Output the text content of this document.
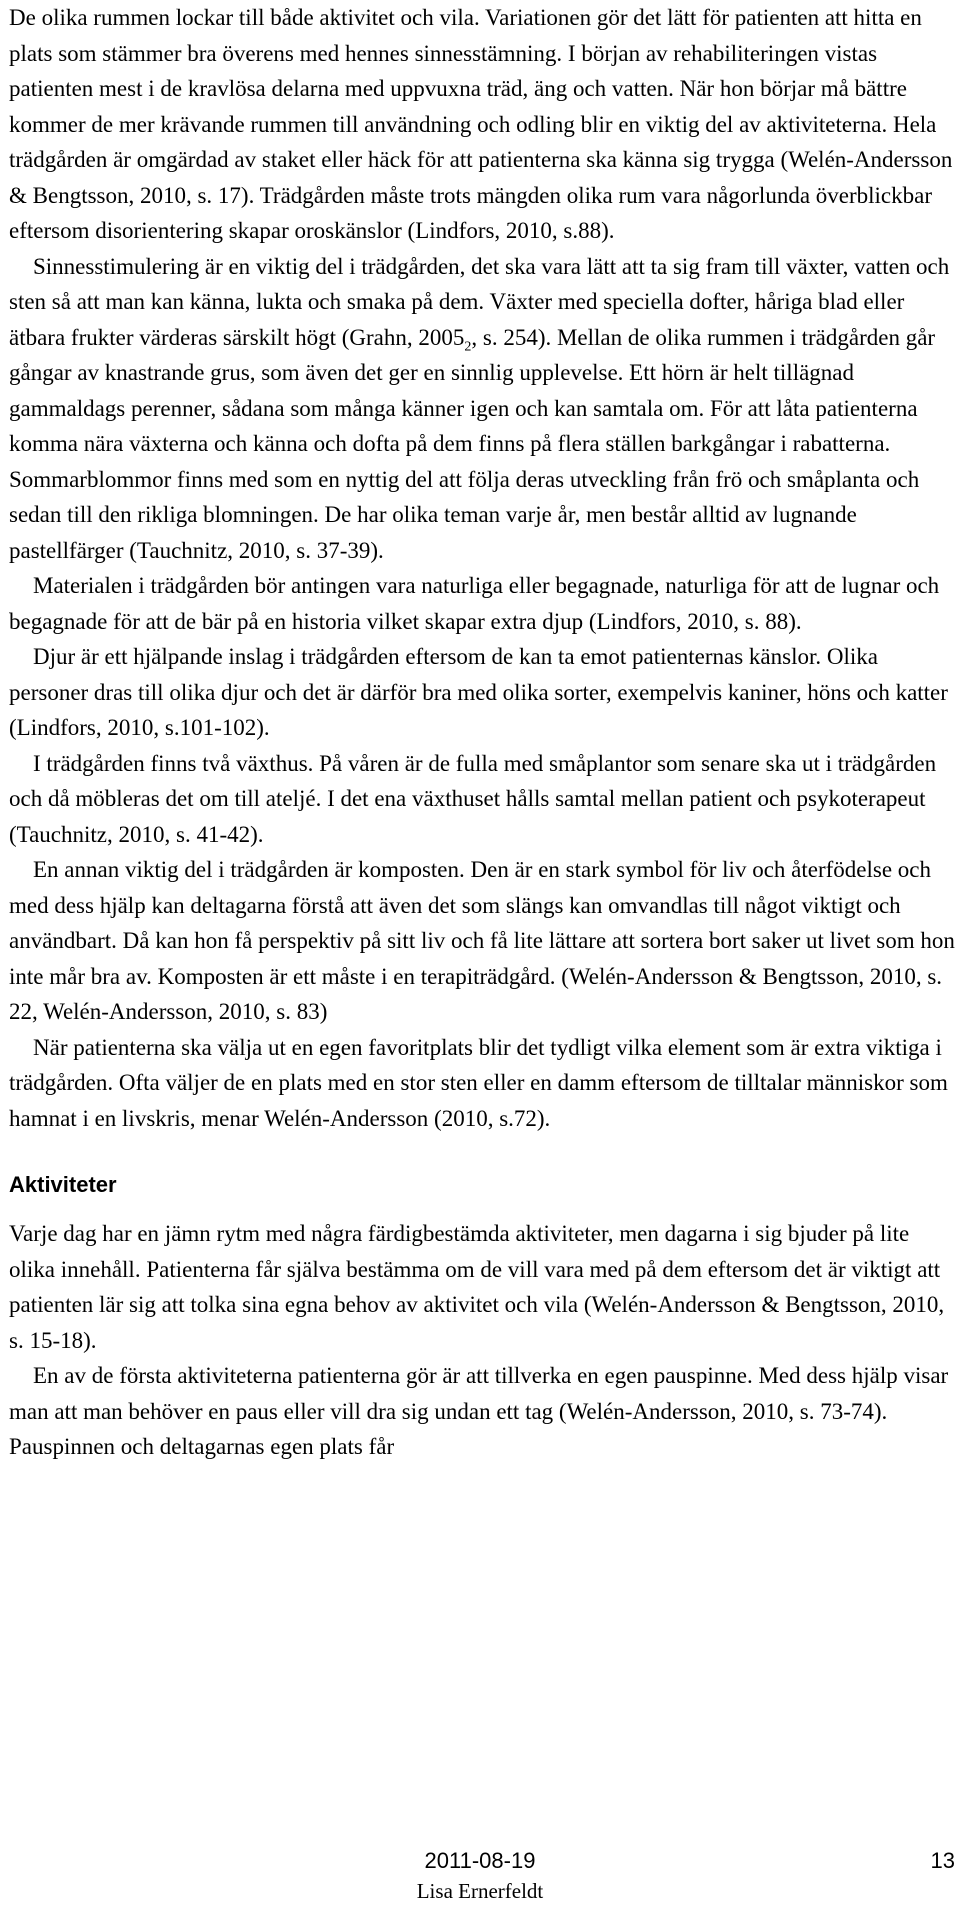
De olika rummen lockar till både aktivitet och vila. Variationen gör det lätt för patienten att hitta en plats som stämmer bra överens med hennes sinnesstämning. I början av rehabiliteringen vistas patienten mest i de kravlösa delarna med uppvuxna träd, äng och vatten. När hon börjar må bättre kommer de mer krävande rummen till användning och odling blir en viktig del av aktiviteterna. Hela trädgården är omgärdad av staket eller häck för att patienterna ska känna sig trygga (Welén-Andersson & Bengtsson, 2010, s. 17). Trädgården måste trots mängden olika rum vara någorlunda överblickbar eftersom disorientering skapar oroskänslor (Lindfors, 2010, s.88).

Sinnesstimulering är en viktig del i trädgården, det ska vara lätt att ta sig fram till växter, vatten och sten så att man kan känna, lukta och smaka på dem. Växter med speciella dofter, håriga blad eller ätbara frukter värderas särskilt högt (Grahn, $2005_2$, s. 254). Mellan de olika rummen i trädgården går gångar av knastrande grus, som även det ger en sinnlig upplevelse. Ett hörn är helt tillägnad gammaldags perenner, sådana som många känner igen och kan samtala om. För att låta patienterna komma nära växterna och känna och dofta på dem finns på flera ställen barkgångar i rabatterna. Sommarblommor finns med som en nyttig del att följa deras utveckling från frö och småplanta och sedan till den rikliga blomningen. De har olika teman varje år, men består alltid av lugnande pastellfärger (Tauchnitz, 2010, s. 37-39).

Materialen i trädgården bör antingen vara naturliga eller begagnade, naturliga för att de lugnar och begagnade för att de bär på en historia vilket skapar extra djup (Lindfors, 2010, s. 88).

Djur är ett hjälpande inslag i trädgården eftersom de kan ta emot patienternas känslor. Olika personer dras till olika djur och det är därför bra med olika sorter, exempelvis kaniner, höns och katter (Lindfors, 2010, s.101-102).

I trädgården finns två växthus. På våren är de fulla med småplantor som senare ska ut i trädgården och då möbleras det om till ateljé. I det ena växthuset hålls samtal mellan patient och psykoterapeut (Tauchnitz, 2010, s. 41-42).

En annan viktig del i trädgården är komposten. Den är en stark symbol för liv och återfödelse och med dess hjälp kan deltagarna förstå att även det som slängs kan omvandlas till något viktigt och användbart. Då kan hon få perspektiv på sitt liv och få lite lättare att sortera bort saker ut livet som hon inte mår bra av. Komposten är ett måste i en terapiträdgård. (Welén-Andersson & Bengtsson, 2010, s. 22, Welén-Andersson, 2010, s. 83)

När patienterna ska välja ut en egen favoritplats blir det tydligt vilka element som är extra viktiga i trädgården. Ofta väljer de en plats med en stor sten eller en damm eftersom de tilltalar människor som hamnat i en livskris, menar Welén-Andersson (2010, s.72).

Aktiviteter

Varje dag har en jämn rytm med några färdigbestämda aktiviteter, men dagarna i sig bjuder på lite olika innehåll. Patienterna får själva bestämma om de vill vara med på dem eftersom det är viktigt att patienten lär sig att tolka sina egna behov av aktivitet och vila (Welén-Andersson & Bengtsson, 2010, s. 15-18).

En av de första aktiviteterna patienterna gör är att tillverka en egen pauspinne. Med dess hjälp visar man att man behöver en paus eller vill dra sig undan ett tag (Welén-Andersson, 2010, s. 73-74). Pauspinnen och deltagarnas egen plats får

2011-08-19	13
Lisa Ernerfeldt
